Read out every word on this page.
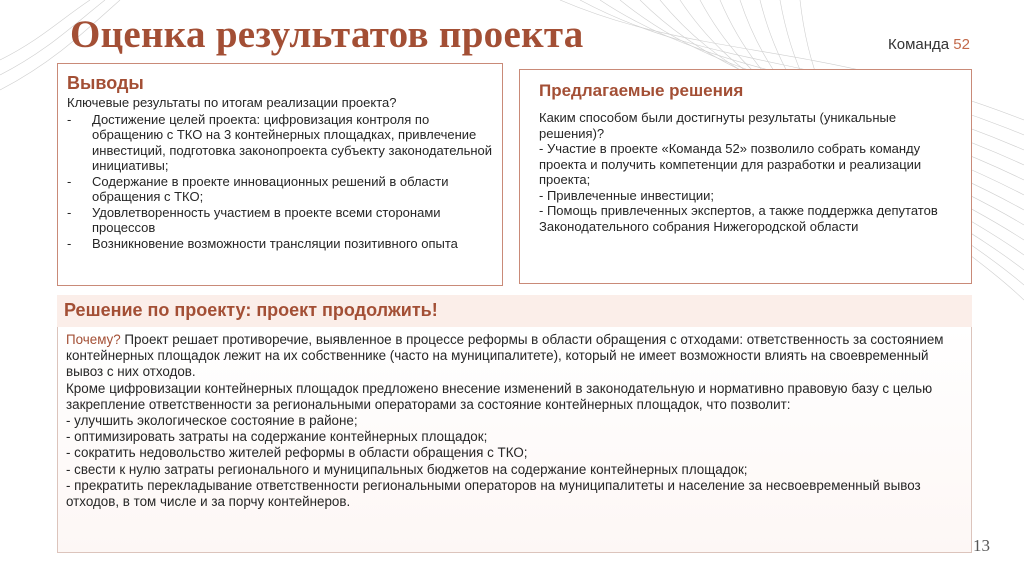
Оценка результатов проекта	Команда 52
Выводы
Ключевые результаты по итогам реализации проекта?
- Достижение целей проекта: цифровизация контроля по обращению с ТКО на 3 контейнерных площадках, привлечение инвестиций, подготовка законопроекта субъекту законодательной инициативы;
- Содержание в проекте инновационных решений в области обращения с ТКО;
- Удовлетворенность участием в проекте всеми сторонами процессов
- Возникновение возможности трансляции позитивного опыта
Предлагаемые решения
Каким способом были достигнуты результаты (уникальные решения)?
- Участие в проекте «Команда 52» позволило собрать команду проекта и получить компетенции для разработки и реализации проекта;
- Привлеченные инвестиции;
- Помощь привлеченных экспертов, а также поддержка депутатов Законодательного собрания Нижегородской области
Решение по проекту: проект продолжить!
Почему? Проект решает противоречие, выявленное в процессе реформы в области обращения с отходами: ответственность за состоянием контейнерных площадок лежит на их собственнике (часто на муниципалитете), который не имеет возможности влиять на своевременный вывоз с них отходов.
Кроме цифровизации контейнерных площадок предложено внесение изменений в законодательную и нормативно правовую базу с целью закрепление ответственности за региональными операторами за состояние контейнерных площадок, что позволит:
- улучшить экологическое состояние в районе;
- оптимизировать затраты на содержание контейнерных площадок;
- сократить недовольство жителей реформы в области обращения с ТКО;
- свести к нулю затраты регионального и муниципальных бюджетов на содержание контейнерных площадок;
- прекратить перекладывание ответственности региональными операторов на муниципалитеты и население за несвоевременный вывоз отходов, в том числе и за порчу контейнеров.
13
